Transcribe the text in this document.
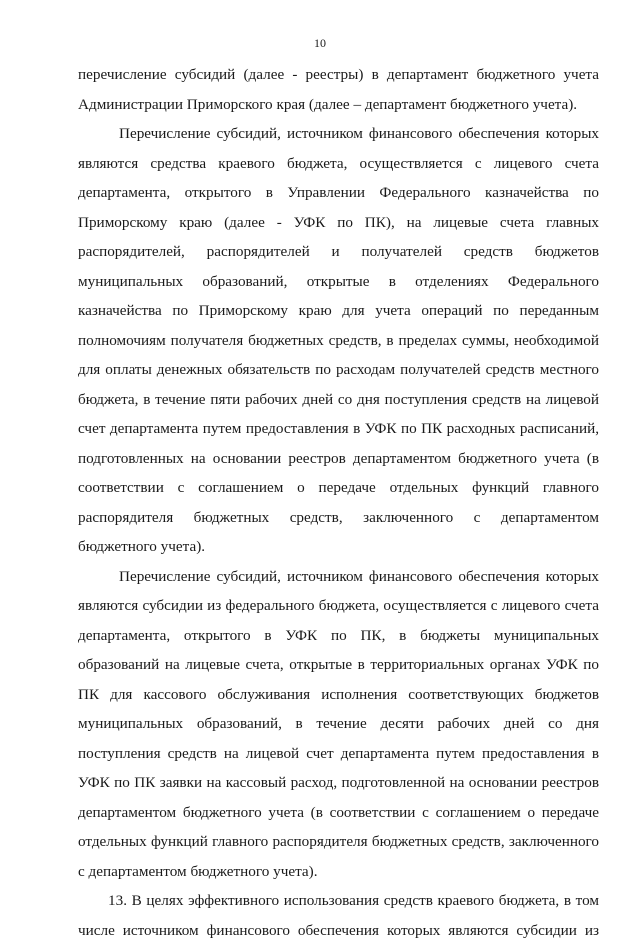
10
перечисление субсидий (далее - реестры) в департамент бюджетного учета
Администрации Приморского края (далее – департамент бюджетного учета).
Перечисление субсидий, источником финансового обеспечения которых
являются средства краевого бюджета, осуществляется с лицевого счета
департамента, открытого в Управлении Федерального казначейства по
Приморскому краю (далее - УФК по ПК), на лицевые счета главных
распорядителей, распорядителей и получателей средств бюджетов
муниципальных образований, открытые в отделениях Федерального
казначейства по Приморскому краю для учета операций по переданным
полномочиям получателя бюджетных средств, в пределах суммы, необходимой
для оплаты денежных обязательств по расходам получателей средств местного
бюджета, в течение пяти рабочих дней со дня поступления средств на лицевой
счет департамента путем предоставления в УФК по ПК расходных расписаний,
подготовленных на основании реестров департаментом бюджетного учета (в
соответствии с соглашением о передаче отдельных функций главного
распорядителя бюджетных средств, заключенного с департаментом
бюджетного учета).
Перечисление субсидий, источником финансового обеспечения которых
являются субсидии из федерального бюджета, осуществляется с лицевого счета
департамента, открытого в УФК по ПК, в бюджеты муниципальных
образований на лицевые счета, открытые в территориальных органах УФК по
ПК для кассового обслуживания исполнения соответствующих бюджетов
муниципальных образований, в течение десяти рабочих дней со дня
поступления средств на лицевой счет департамента путем предоставления в
УФК по ПК заявки на кассовый расход, подготовленной на основании реестров
департаментом бюджетного учета (в соответствии с соглашением о передаче
отдельных функций главного распорядителя бюджетных средств, заключенного
с департаментом бюджетного учета).
13. В целях эффективного использования средств краевого бюджета, в том
числе источником финансового обеспечения которых являются субсидии из
